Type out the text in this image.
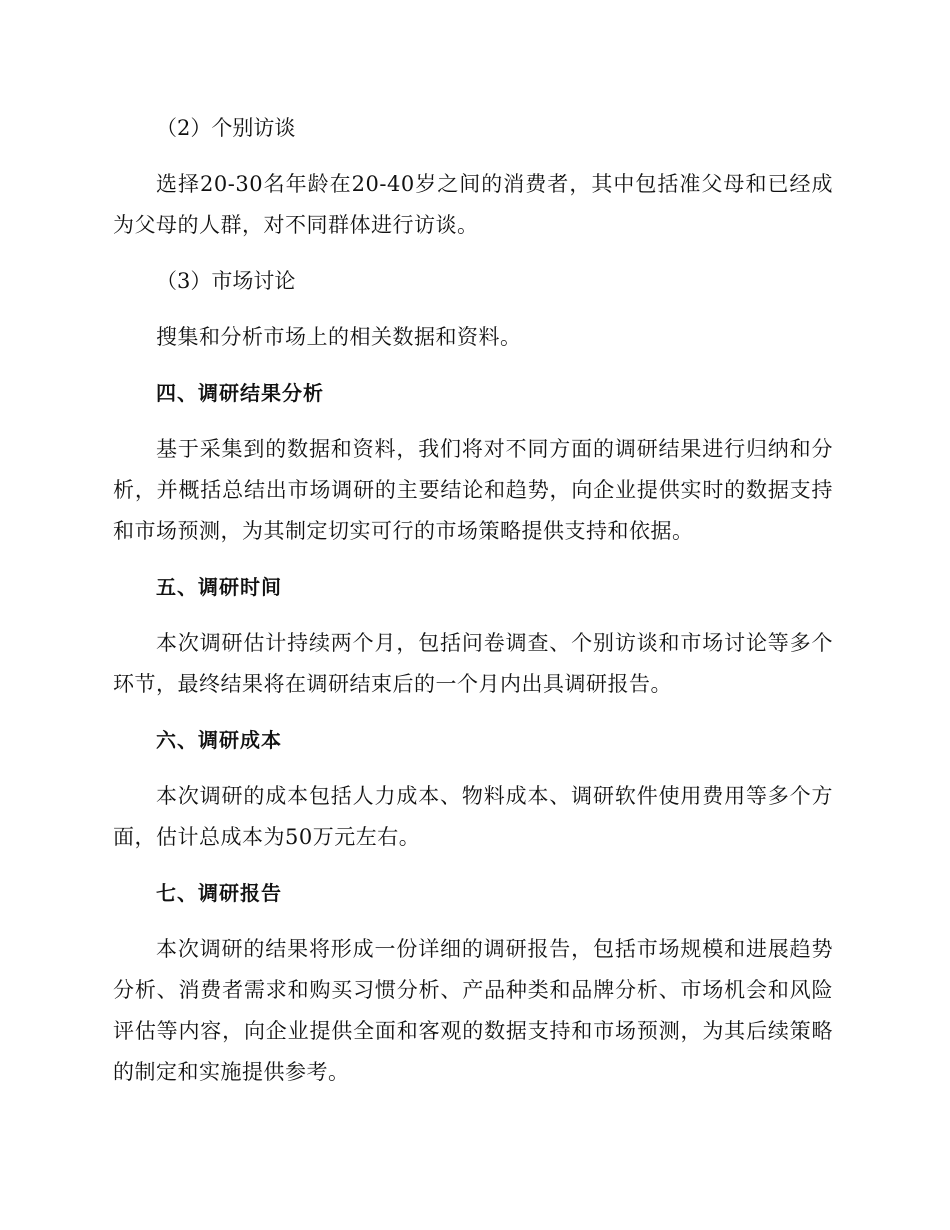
（2）个别访谈

选择20-30名年龄在20-40岁之间的消费者，其中包括准父母和已经成为父母的人群，对不同群体进行访谈。

（3）市场讨论

搜集和分析市场上的相关数据和资料。

四、调研结果分析

基于采集到的数据和资料，我们将对不同方面的调研结果进行归纳和分析，并概括总结出市场调研的主要结论和趋势，向企业提供实时的数据支持和市场预测，为其制定切实可行的市场策略提供支持和依据。

五、调研时间

本次调研估计持续两个月，包括问卷调查、个别访谈和市场讨论等多个环节，最终结果将在调研结束后的一个月内出具调研报告。

六、调研成本

本次调研的成本包括人力成本、物料成本、调研软件使用费用等多个方面，估计总成本为50万元左右。

七、调研报告

本次调研的结果将形成一份详细的调研报告，包括市场规模和进展趋势分析、消费者需求和购买习惯分析、产品种类和品牌分析、市场机会和风险评估等内容，向企业提供全面和客观的数据支持和市场预测，为其后续策略的制定和实施提供参考。
